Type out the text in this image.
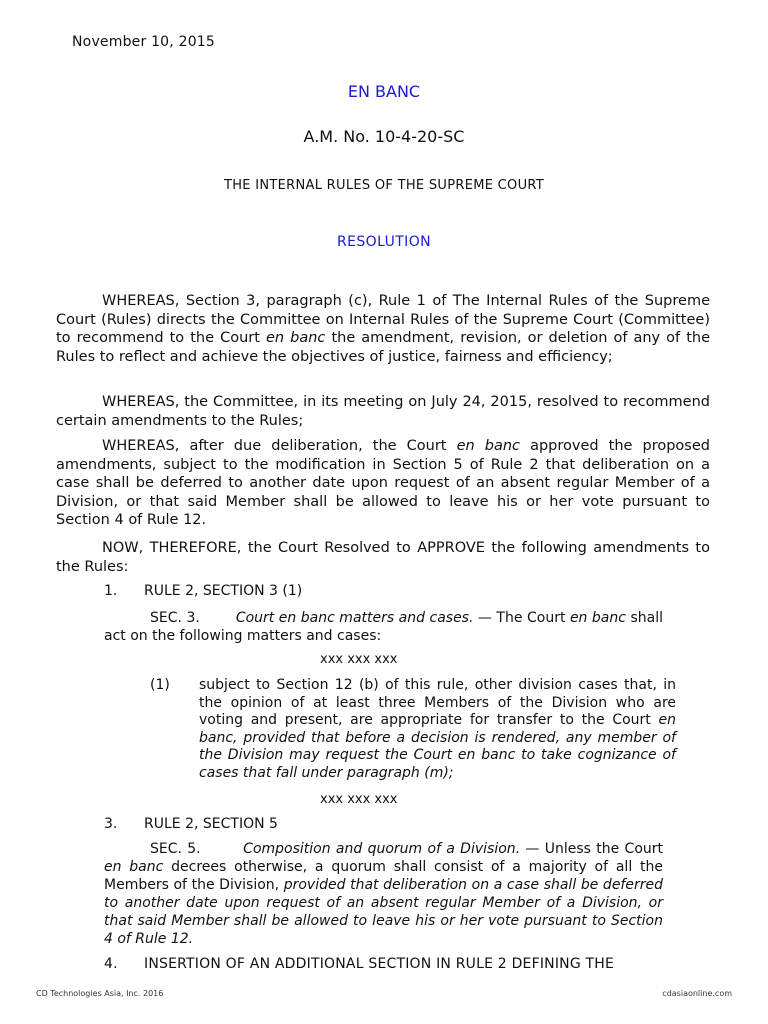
November 10, 2015
EN BANC
A.M. No. 10-4-20-SC
THE INTERNAL RULES OF THE SUPREME COURT
RESOLUTION

WHEREAS, Section 3, paragraph (c), Rule 1 of The Internal Rules of the Supreme Court (Rules) directs the Committee on Internal Rules of the Supreme Court (Committee) to recommend to the Court en banc the amendment, revision, or deletion of any of the Rules to reflect and achieve the objectives of justice, fairness and efficiency;

WHEREAS, the Committee, in its meeting on July 24, 2015, resolved to recommend certain amendments to the Rules;

WHEREAS, after due deliberation, the Court en banc approved the proposed amendments, subject to the modification in Section 5 of Rule 2 that deliberation on a case shall be deferred to another date upon request of an absent regular Member of a Division, or that said Member shall be allowed to leave his or her vote pursuant to Section 4 of Rule 12.

NOW, THEREFORE, the Court Resolved to APPROVE the following amendments to the Rules:

1. RULE 2, SECTION 3 (1)

SEC. 3.	Court en banc matters and cases. — The Court en banc shall act on the following matters and cases:

xxx xxx xxx
(1) subject to Section 12 (b) of this rule, other division cases that, in the opinion of at least three Members of the Division who are voting and present, are appropriate for transfer to the Court en banc, provided that before a decision is rendered, any member of the Division may request the Court en banc to take cognizance of cases that fall under paragraph (m);
xxx xxx xxx
3. RULE 2, SECTION 5

SEC. 5.	Composition and quorum of a Division. — Unless the Court en banc decrees otherwise, a quorum shall consist of a majority of all the Members of the Division, provided that deliberation on a case shall be deferred to another date upon request of an absent regular Member of a Division, or that said Member shall be allowed to leave his or her vote pursuant to Section 4 of Rule 12.

4. INSERTION OF AN ADDITIONAL SECTION IN RULE 2 DEFINING THE
CD Technologies Asia, Inc. 2016	cdasiaonline.com
